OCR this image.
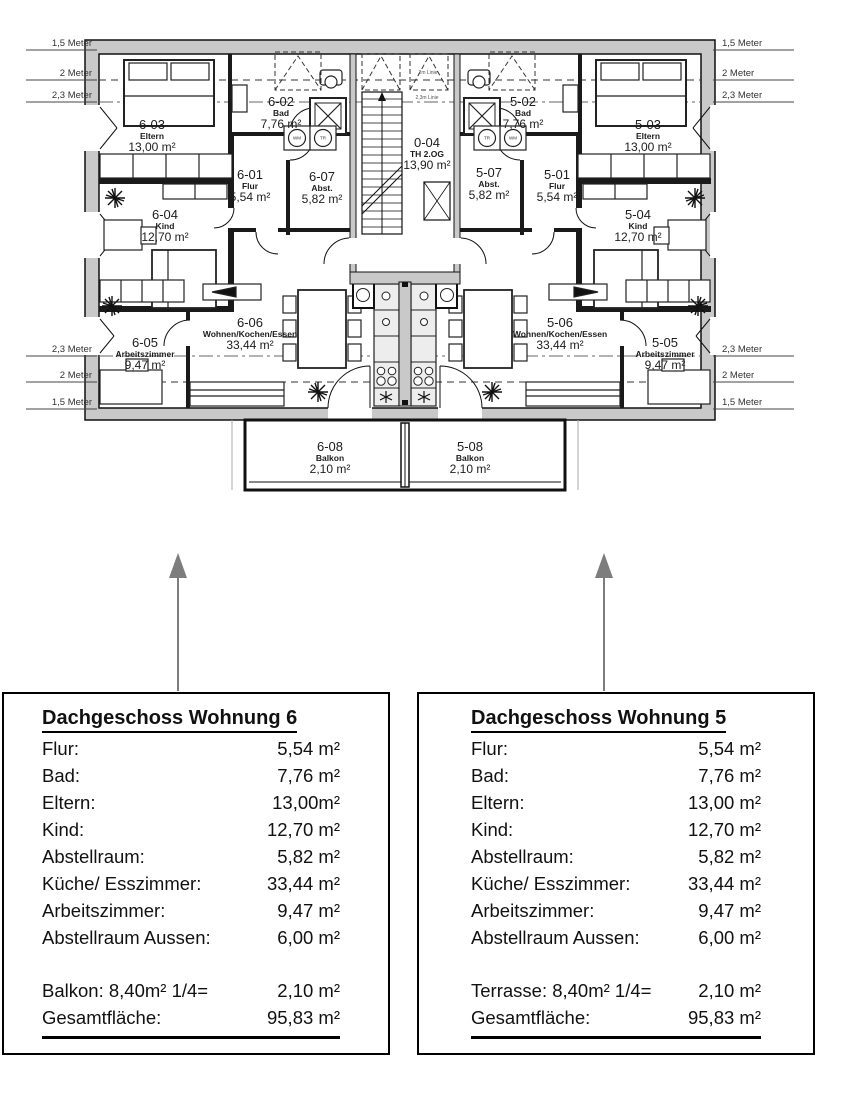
6-03
Eltern
13,00 m²
6-02
Bad
7,76 m²
6-01
Flur
5,54 m²
6-07
Abst.
5,82 m²
0-04
TH 2.OG
13,90 m²
5-02
Bad
7,76 m²
5-07
Abst.
5,82 m²
5-01
Flur
5,54 m²
5-03
Eltern
13,00 m²
6-04
Kind
12,70 m²
5-04
Kind
12,70 m²
6-05
Arbeitszimmer
9,47 m²
6-06
Wohnen/Kochen/Essen
33,44 m²
5-06
Wohnen/Kochen/Essen
33,44 m²	5-05
Arbeitszimmer
9,47 m²
6-08
Balkon
2,10 m²
5-08
Balkon
2,10 m²
1,5 Meter
2 Meter
2,3 Meter
2,3 Meter
2 Meter
1,5 Meter
1,5 Meter
2 Meter
2,3 Meter
2,3 Meter
2 Meter
1,5 Meter
2m Linie
2,3m Linie
WM	TR	TR	WM
Dachgeschoss Wohnung 6
Flur:	5,54 m²
Bad:	7,76 m²
Eltern:	13,00m²
Kind:	12,70 m²
Abstellraum:	5,82 m²
Küche/ Esszimmer:	33,44 m²
Arbeitszimmer:	9,47 m²
Abstellraum Aussen:	6,00 m²
Balkon: 8,40m² 1/4=	2,10 m²
Gesamtfläche:	95,83 m²
Dachgeschoss Wohnung 5
Flur:	5,54 m²
Bad:	7,76 m²
Eltern:	13,00 m²
Kind:	12,70 m²
Abstellraum:	5,82 m²
Küche/ Esszimmer:	33,44 m²
Arbeitszimmer:	9,47 m²
Abstellraum Aussen:	6,00 m²
Terrasse: 8,40m² 1/4=	2,10 m²
Gesamtfläche:	95,83 m²
